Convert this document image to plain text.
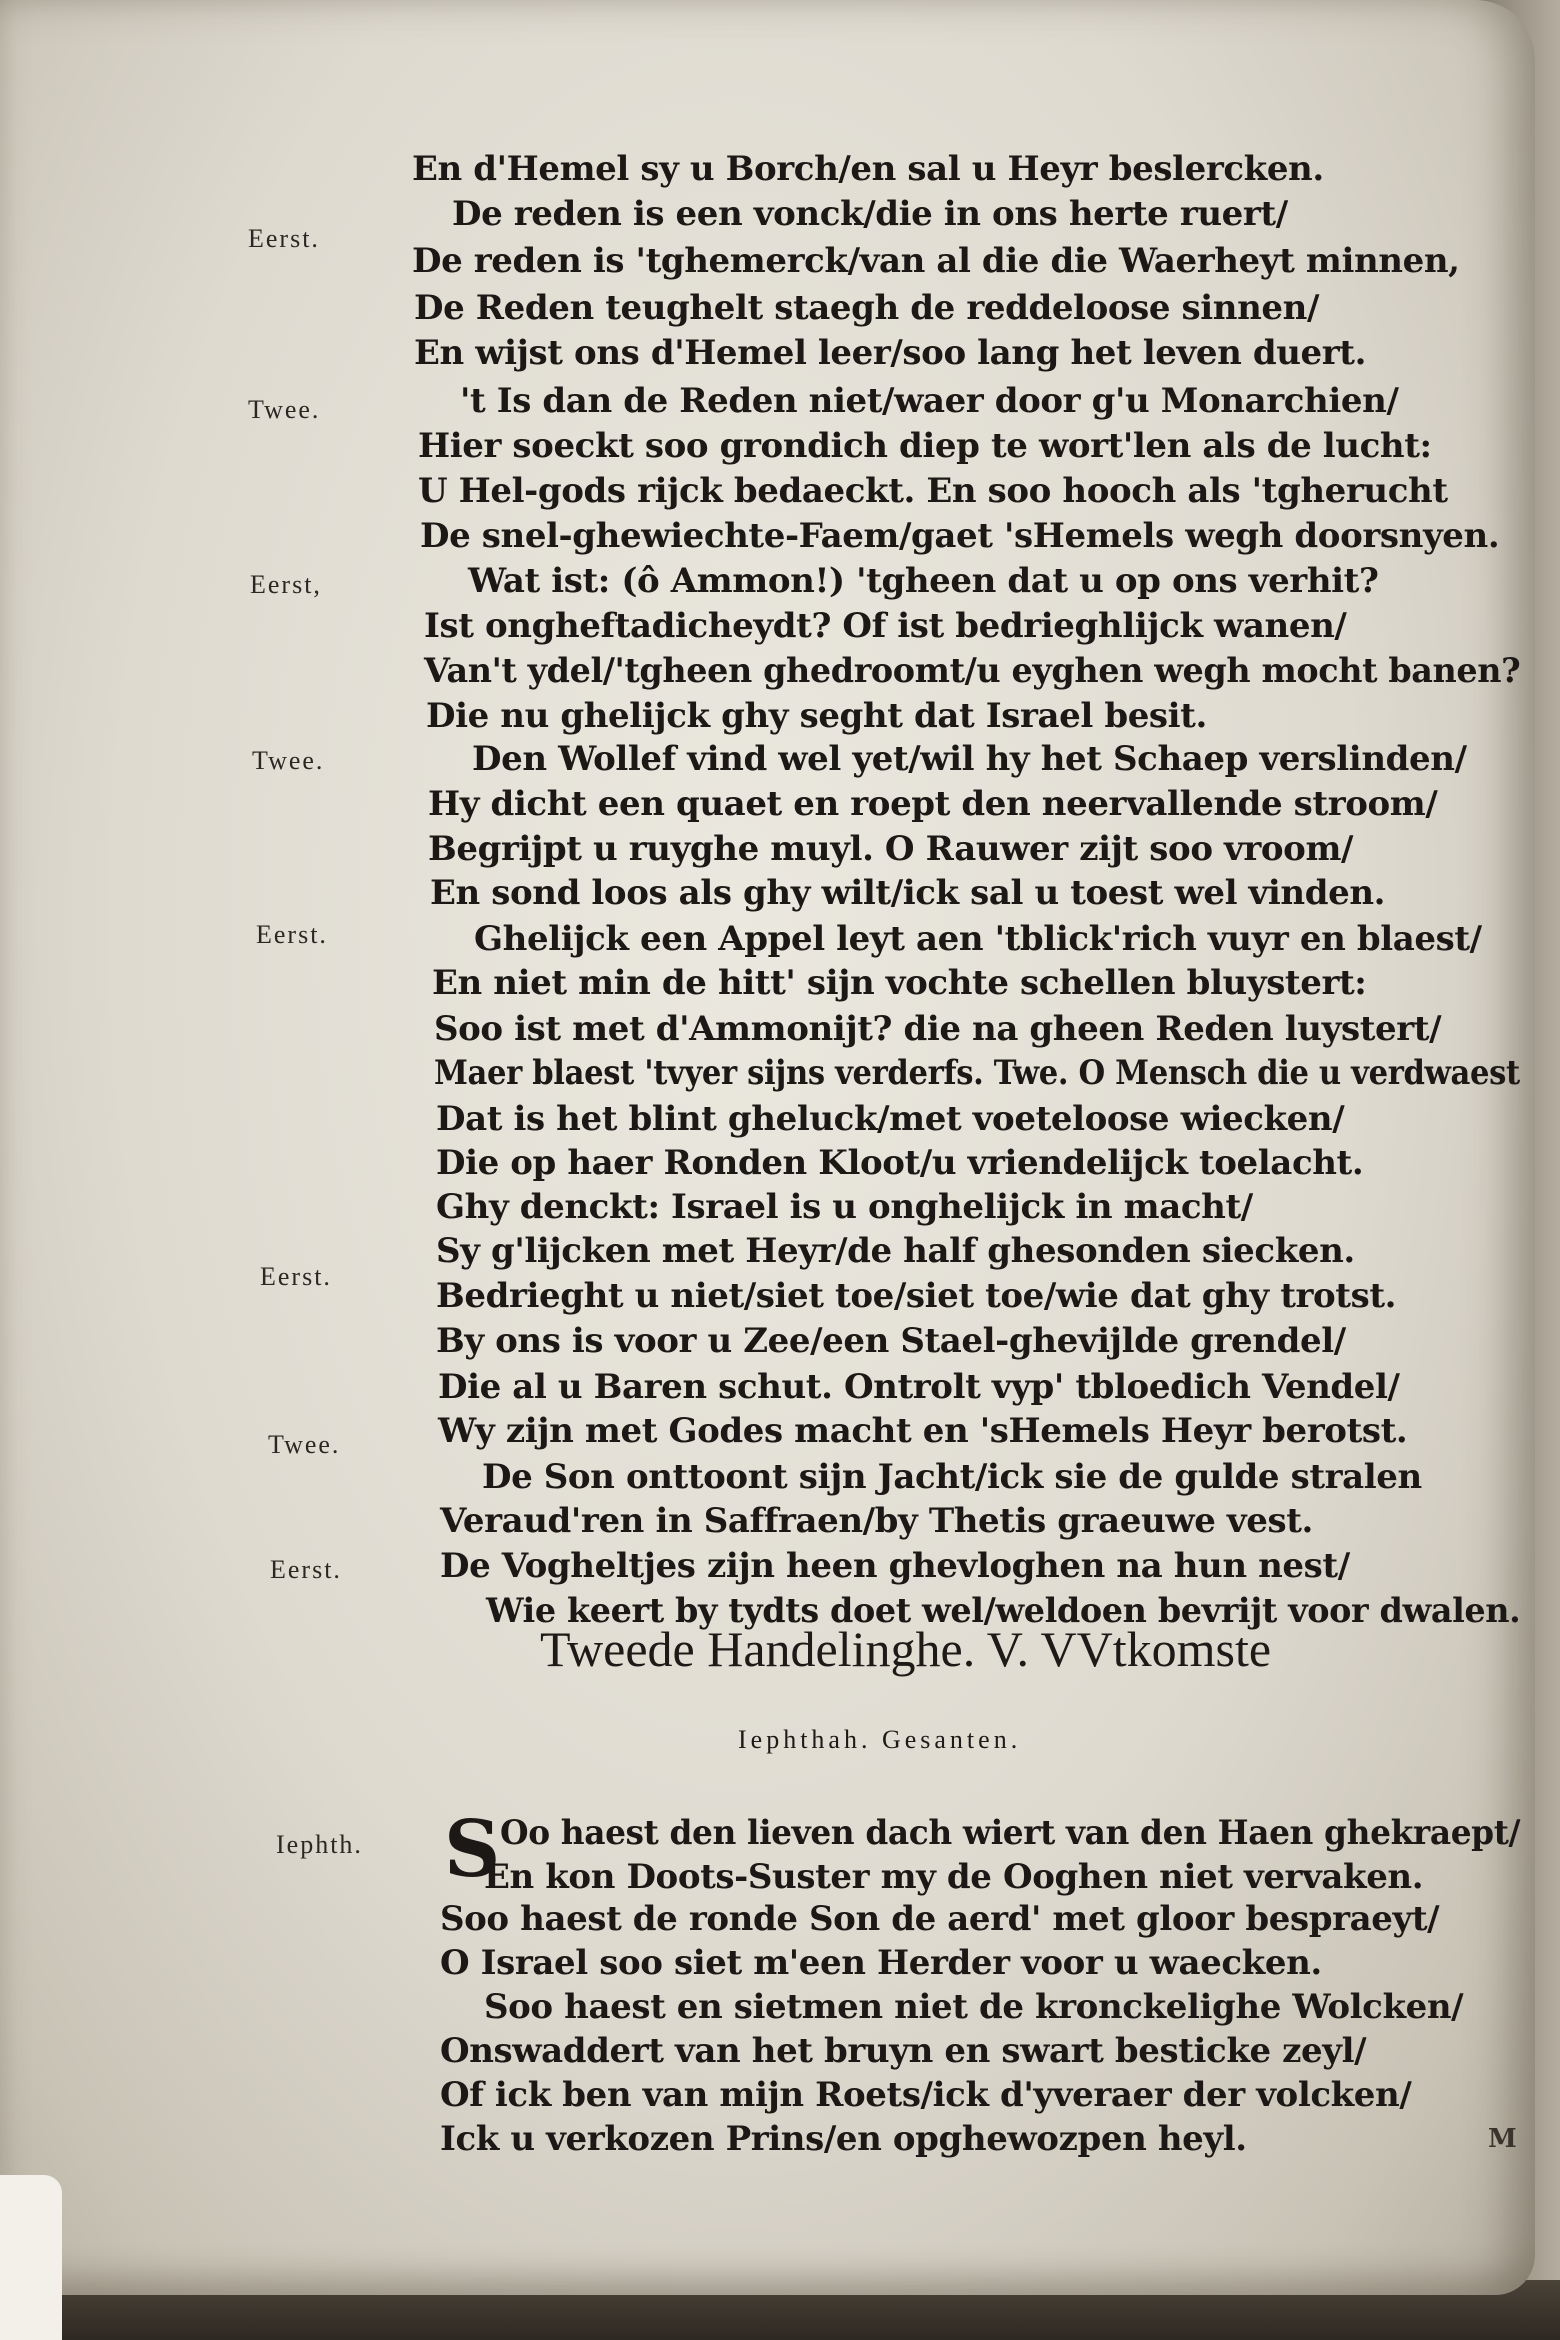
En d'Hemel sy u Borch/en sal u Heyr beslercken.
De reden is een vonck/die in ons herte ruert/
De reden is 'tghemerck/van al die die Waerheyt minnen,
De Reden teughelt staegh de reddeloose sinnen/
En wijst ons d'Hemel leer/soo lang het leven duert.
't Is dan de Reden niet/waer door g'u Monarchien/
Hier soeckt soo grondich diep te wort'len als de lucht:
U Hel-gods rijck bedaeckt. En soo hooch als 'tgherucht
De snel-ghewiechte-Faem/gaet 'sHemels wegh doorsnyen.
Wat ist: (ô Ammon!) 'tgheen dat u op ons verhit?
Ist ongheftadicheydt? Of ist bedrieghlijck wanen/
Van't ydel/'tgheen ghedroomt/u eyghen wegh mocht banen?
Die nu ghelijck ghy seght dat Israel besit.
Den Wollef vind wel yet/wil hy het Schaep verslinden/
Hy dicht een quaet en roept den neervallende stroom/
Begrijpt u ruyghe muyl. O Rauwer zijt soo vroom/
En sond loos als ghy wilt/ick sal u toest wel vinden.
Ghelijck een Appel leyt aen 'tblick'rich vuyr en blaest/
En niet min de hitt' sijn vochte schellen bluystert:
Soo ist met d'Ammonijt? die na gheen Reden luystert/
Maer blaest 'tvyer sijns verderfs. Twe. O Mensch die u verdwaest
Dat is het blint gheluck/met voeteloose wiecken/
Die op haer Ronden Kloot/u vriendelijck toelacht.
Ghy denckt: Israel is u onghelijck in macht/
Sy g'lijcken met Heyr/de half ghesonden siecken.
Bedrieght u niet/siet toe/siet toe/wie dat ghy trotst.
By ons is voor u Zee/een Stael-ghevijlde grendel/
Die al u Baren schut. Ontrolt vyp' tbloedich Vendel/
Wy zijn met Godes macht en 'sHemels Heyr berotst.
De Son onttoont sijn Jacht/ick sie de gulde stralen
Veraud'ren in Saffraen/by Thetis graeuwe vest.
De Vogheltjes zijn heen ghevloghen na hun nest/
Wie keert by tydts doet wel/weldoen bevrijt voor dwalen.
Eerst.
Twee.
Eerst,
Twee.
Eerst.
Eerst.
Twee.
Eerst.
Tweede Handelinghe. V. VVtkomste
Iephthah. Gesanten.
Iephth. S Oo haest den lieven dach wiert van den Haen ghekraept/
En kon Doots-Suster my de Ooghen niet vervaken.
Soo haest de ronde Son de aerd' met gloor bespraeyt/
O Israel soo siet m'een Herder voor u waecken.
Soo haest en sietmen niet de kronckelighe Wolcken/
Onswaddert van het bruyn en swart besticke zeyl/
Of ick ben van mijn Roets/ick d'yveraer der volcken/
Ick u verkozen Prins/en opghewozpen heyl.	M
